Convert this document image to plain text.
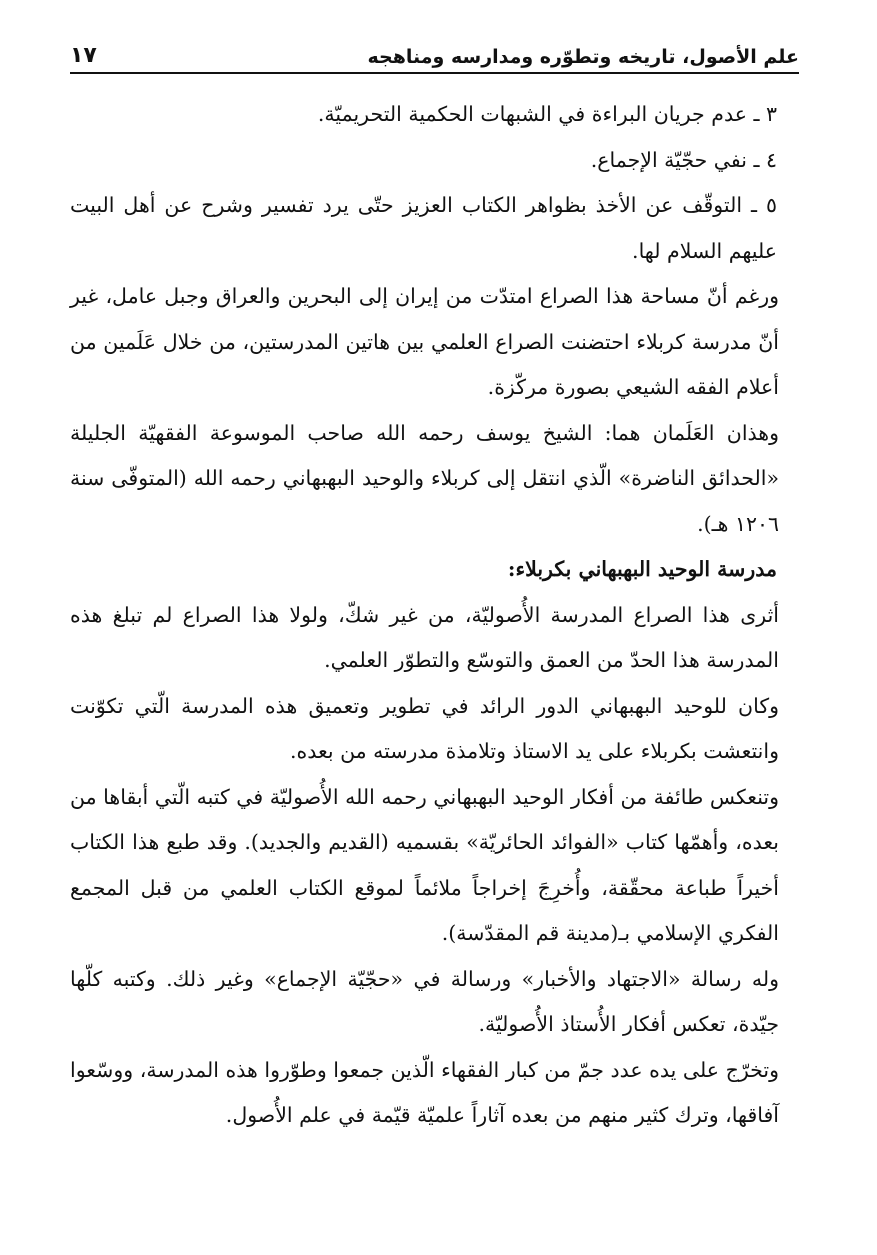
علم الأصول، تاريخه وتطوّره ومدارسه ومناهجه
١٧

٣ ـ عدم جريان البراءة في الشبهات الحكمية التحريميّة.

٤ ـ نفي حجّيّة الإجماع.

٥ ـ التوقّف عن الأخذ بظواهر الكتاب العزيز حتّى يرد تفسير وشرح عن أهل البيت عليهم السلام لها.

ورغم أنّ مساحة هذا الصراع امتدّت من إيران إلى البحرين والعراق وجبل عامل، غير أنّ مدرسة كربلاء احتضنت الصراع العلمي بين هاتين المدرستين، من خلال عَلَمين من أعلام الفقه الشيعي بصورة مركّزة.

وهذان العَلَمان هما: الشيخ يوسف رحمه الله صاحب الموسوعة الفقهيّة الجليلة «الحدائق الناضرة» الّذي انتقل إلى كربلاء والوحيد البهبهاني رحمه الله (المتوفّى سنة ١٢٠٦ هـ).

مدرسة الوحيد البهبهاني بكربلاء:

أثرى هذا الصراع المدرسة الأُصوليّة، من غير شكّ، ولولا هذا الصراع لم تبلغ هذه المدرسة هذا الحدّ من العمق والتوسّع والتطوّر العلمي.

وكان للوحيد البهبهاني الدور الرائد في تطوير وتعميق هذه المدرسة الّتي تكوّنت وانتعشت بكربلاء على يد الاستاذ وتلامذة مدرسته من بعده.

وتنعكس طائفة من أفكار الوحيد البهبهاني رحمه الله الأُصوليّة في كتبه الّتي أبقاها من بعده، وأهمّها كتاب «الفوائد الحائريّة» بقسميه (القديم والجديد). وقد طبع هذا الكتاب أخيراً طباعة محقّقة، وأُخرِجَ إخراجاً ملائماً لموقع الكتاب العلمي من قبل المجمع الفكري الإسلامي بـ(مدينة قم المقدّسة).

وله رسالة «الاجتهاد والأخبار» ورسالة في «حجّيّة الإجماع» وغير ذلك. وكتبه كلّها جيّدة، تعكس أفكار الأُستاذ الأُصوليّة.

وتخرّج على يده عدد جمّ من كبار الفقهاء الّذين جمعوا وطوّروا هذه المدرسة، ووسّعوا آفاقها، وترك كثير منهم من بعده آثاراً علميّة قيّمة في علم الأُصول.
